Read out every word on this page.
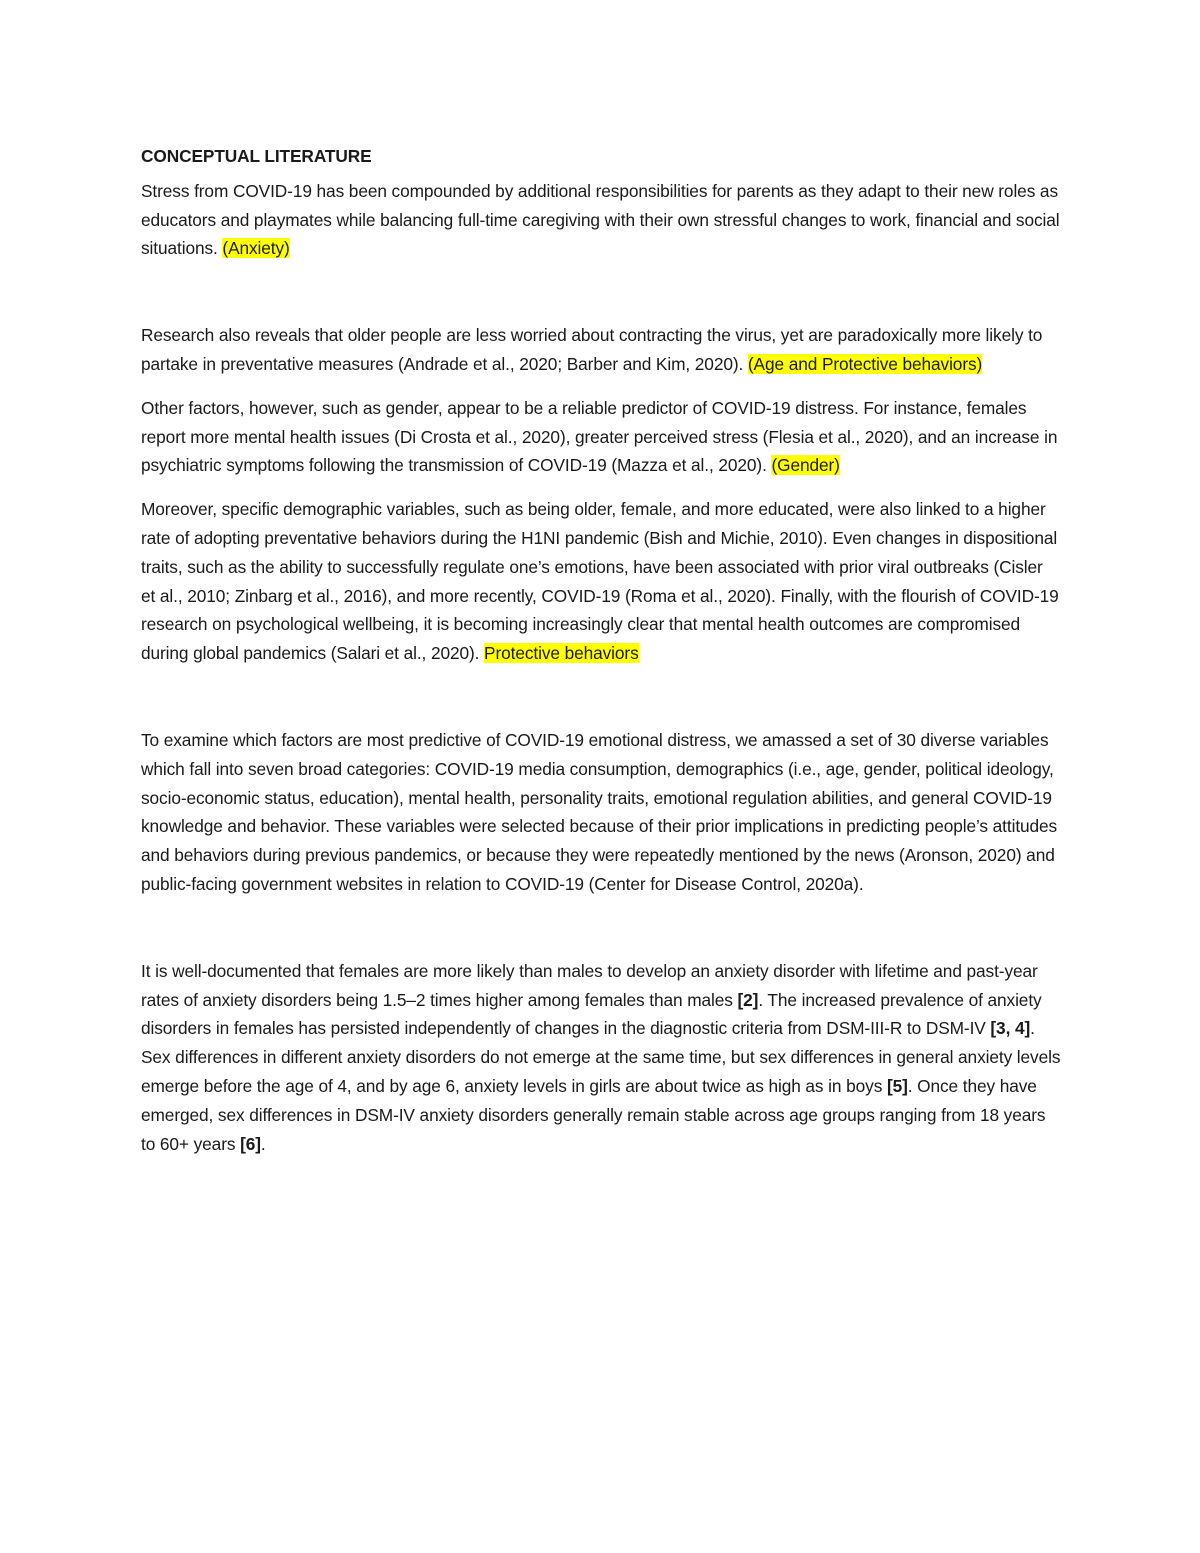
CONCEPTUAL LITERATURE

Stress from COVID-19 has been compounded by additional responsibilities for parents as they adapt to their new roles as educators and playmates while balancing full-time caregiving with their own stressful changes to work, financial and social situations. (Anxiety)

Research also reveals that older people are less worried about contracting the virus, yet are paradoxically more likely to partake in preventative measures (Andrade et al., 2020; Barber and Kim, 2020). (Age and Protective behaviors)

Other factors, however, such as gender, appear to be a reliable predictor of COVID-19 distress. For instance, females report more mental health issues (Di Crosta et al., 2020), greater perceived stress (Flesia et al., 2020), and an increase in psychiatric symptoms following the transmission of COVID-19 (Mazza et al., 2020). (Gender)

Moreover, specific demographic variables, such as being older, female, and more educated, were also linked to a higher rate of adopting preventative behaviors during the H1NI pandemic (Bish and Michie, 2010). Even changes in dispositional traits, such as the ability to successfully regulate one’s emotions, have been associated with prior viral outbreaks (Cisler et al., 2010; Zinbarg et al., 2016), and more recently, COVID-19 (Roma et al., 2020). Finally, with the flourish of COVID-19 research on psychological wellbeing, it is becoming increasingly clear that mental health outcomes are compromised during global pandemics (Salari et al., 2020). Protective behaviors

To examine which factors are most predictive of COVID-19 emotional distress, we amassed a set of 30 diverse variables which fall into seven broad categories: COVID-19 media consumption, demographics (i.e., age, gender, political ideology, socio-economic status, education), mental health, personality traits, emotional regulation abilities, and general COVID-19 knowledge and behavior. These variables were selected because of their prior implications in predicting people’s attitudes and behaviors during previous pandemics, or because they were repeatedly mentioned by the news (Aronson, 2020) and public-facing government websites in relation to COVID-19 (Center for Disease Control, 2020a).

It is well-documented that females are more likely than males to develop an anxiety disorder with lifetime and past-year rates of anxiety disorders being 1.5–2 times higher among females than males [2]. The increased prevalence of anxiety disorders in females has persisted independently of changes in the diagnostic criteria from DSM-III-R to DSM-IV [3, 4]. Sex differences in different anxiety disorders do not emerge at the same time, but sex differences in general anxiety levels emerge before the age of 4, and by age 6, anxiety levels in girls are about twice as high as in boys [5]. Once they have emerged, sex differences in DSM-IV anxiety disorders generally remain stable across age groups ranging from 18 years to 60+ years [6].
